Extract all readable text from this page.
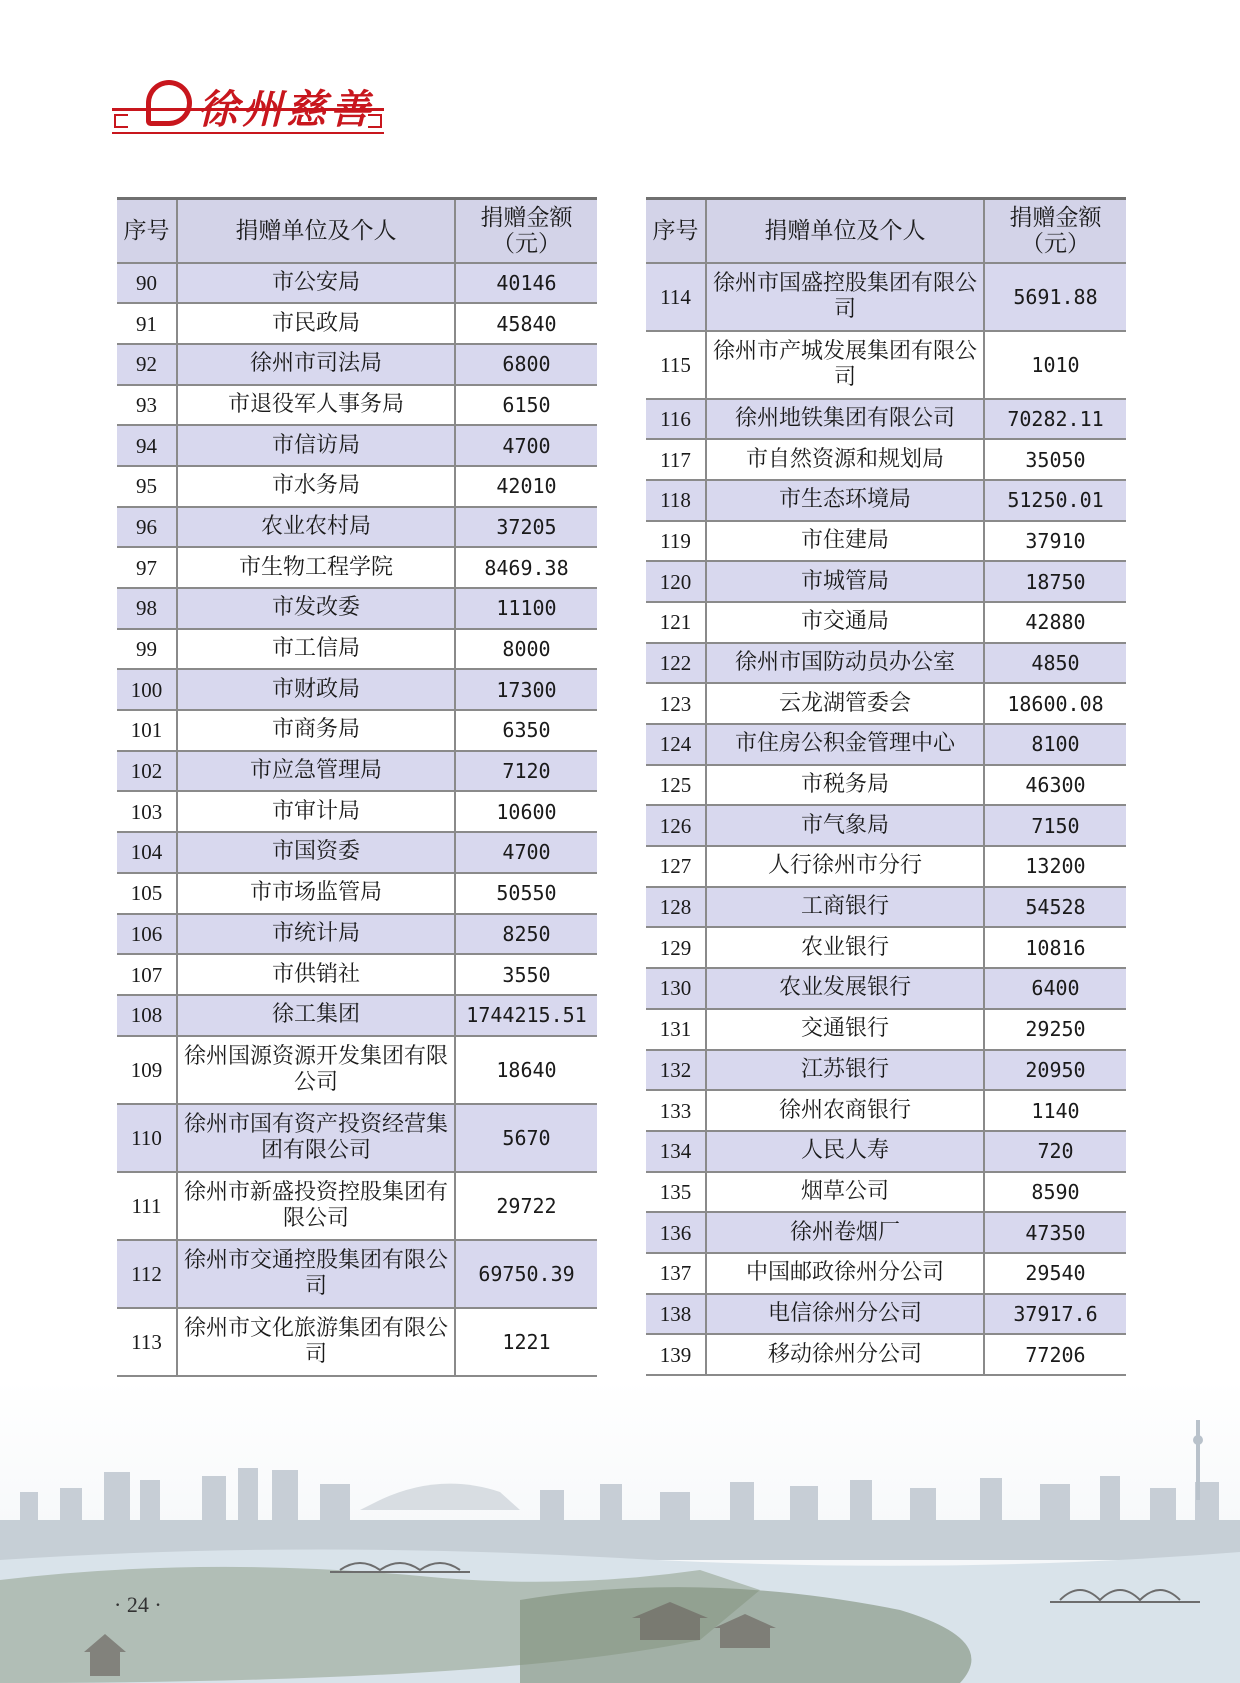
徐州慈善
序号	捐赠单位及个人	捐赠金额
（元）

90	市公安局	40146
91	市民政局	45840
92	徐州市司法局	6800
93	市退役军人事务局	6150
94	市信访局	4700
95	市水务局	42010
96	农业农村局	37205
97	市生物工程学院	8469.38
98	市发改委	11100
99	市工信局	8000
100	市财政局	17300
101	市商务局	6350
102	市应急管理局	7120
103	市审计局	10600
104	市国资委	4700
105	市市场监管局	50550
106	市统计局	8250
107	市供销社	3550
108	徐工集团	1744215.51
109	徐州国源资源开发集团有限公司	18640
110	徐州市国有资产投资经营集团有限公司	5670
111	徐州市新盛投资控股集团有限公司	29722
112	徐州市交通控股集团有限公司	69750.39
113	徐州市文化旅游集团有限公司	1221
序号	捐赠单位及个人	捐赠金额
（元）

114	徐州市国盛控股集团有限公司	5691.88
115	徐州市产城发展集团有限公司	1010
116	徐州地铁集团有限公司	70282.11
117	市自然资源和规划局	35050
118	市生态环境局	51250.01
119	市住建局	37910
120	市城管局	18750
121	市交通局	42880
122	徐州市国防动员办公室	4850
123	云龙湖管委会	18600.08
124	市住房公积金管理中心	8100
125	市税务局	46300
126	市气象局	7150
127	人行徐州市分行	13200
128	工商银行	54528
129	农业银行	10816
130	农业发展银行	6400
131	交通银行	29250
132	江苏银行	20950
133	徐州农商银行	1140
134	人民人寿	720
135	烟草公司	8590
136	徐州卷烟厂	47350
137	中国邮政徐州分公司	29540
138	电信徐州分公司	37917.6
139	移动徐州分公司	77206
· 24 ·
